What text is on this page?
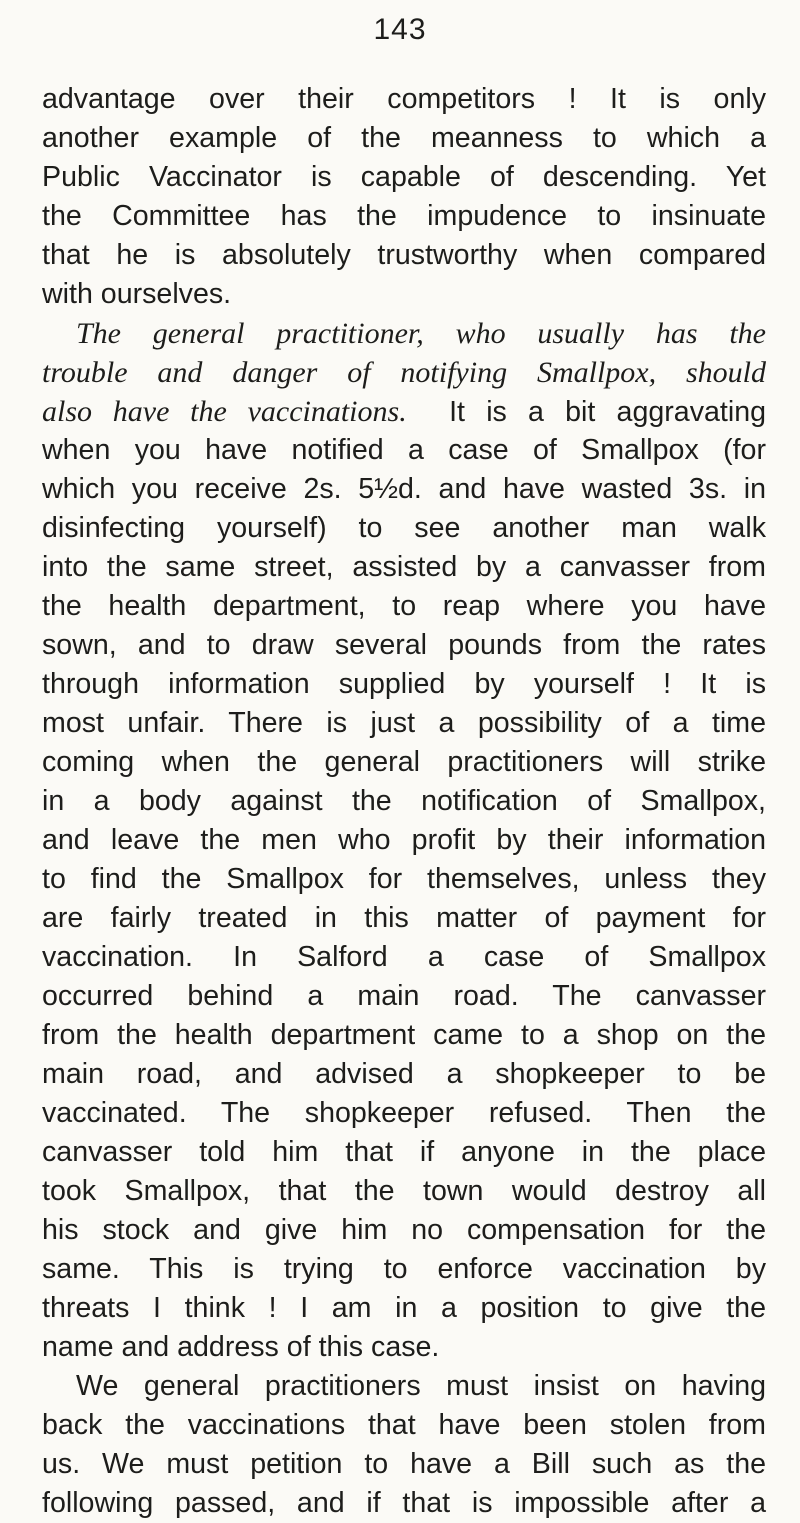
143
advantage over their competitors ! It is only
another example of the meanness to which a
Public Vaccinator is capable of descending. Yet
the Committee has the impudence to insinuate
that he is absolutely trustworthy when compared
with ourselves.
The general practitioner, who usually has the
trouble and danger of notifying Smallpox, should
also have the vaccinations. It is a bit aggravating
when you have notified a case of Smallpox (for
which you receive 2s. 5½d. and have wasted 3s. in
disinfecting yourself) to see another man walk
into the same street, assisted by a canvasser from
the health department, to reap where you have
sown, and to draw several pounds from the rates
through information supplied by yourself ! It is
most unfair. There is just a possibility of a time
coming when the general practitioners will strike
in a body against the notification of Smallpox,
and leave the men who profit by their information
to find the Smallpox for themselves, unless they
are fairly treated in this matter of payment for
vaccination. In Salford a case of Smallpox
occurred behind a main road. The canvasser
from the health department came to a shop on the
main road, and advised a shopkeeper to be
vaccinated. The shopkeeper refused. Then the
canvasser told him that if anyone in the place
took Smallpox, that the town would destroy all
his stock and give him no compensation for the
same. This is trying to enforce vaccination by
threats I think ! I am in a position to give the
name and address of this case.
We general practitioners must insist on having
back the vaccinations that have been stolen from
us. We must petition to have a Bill such as the
following passed, and if that is impossible after a
